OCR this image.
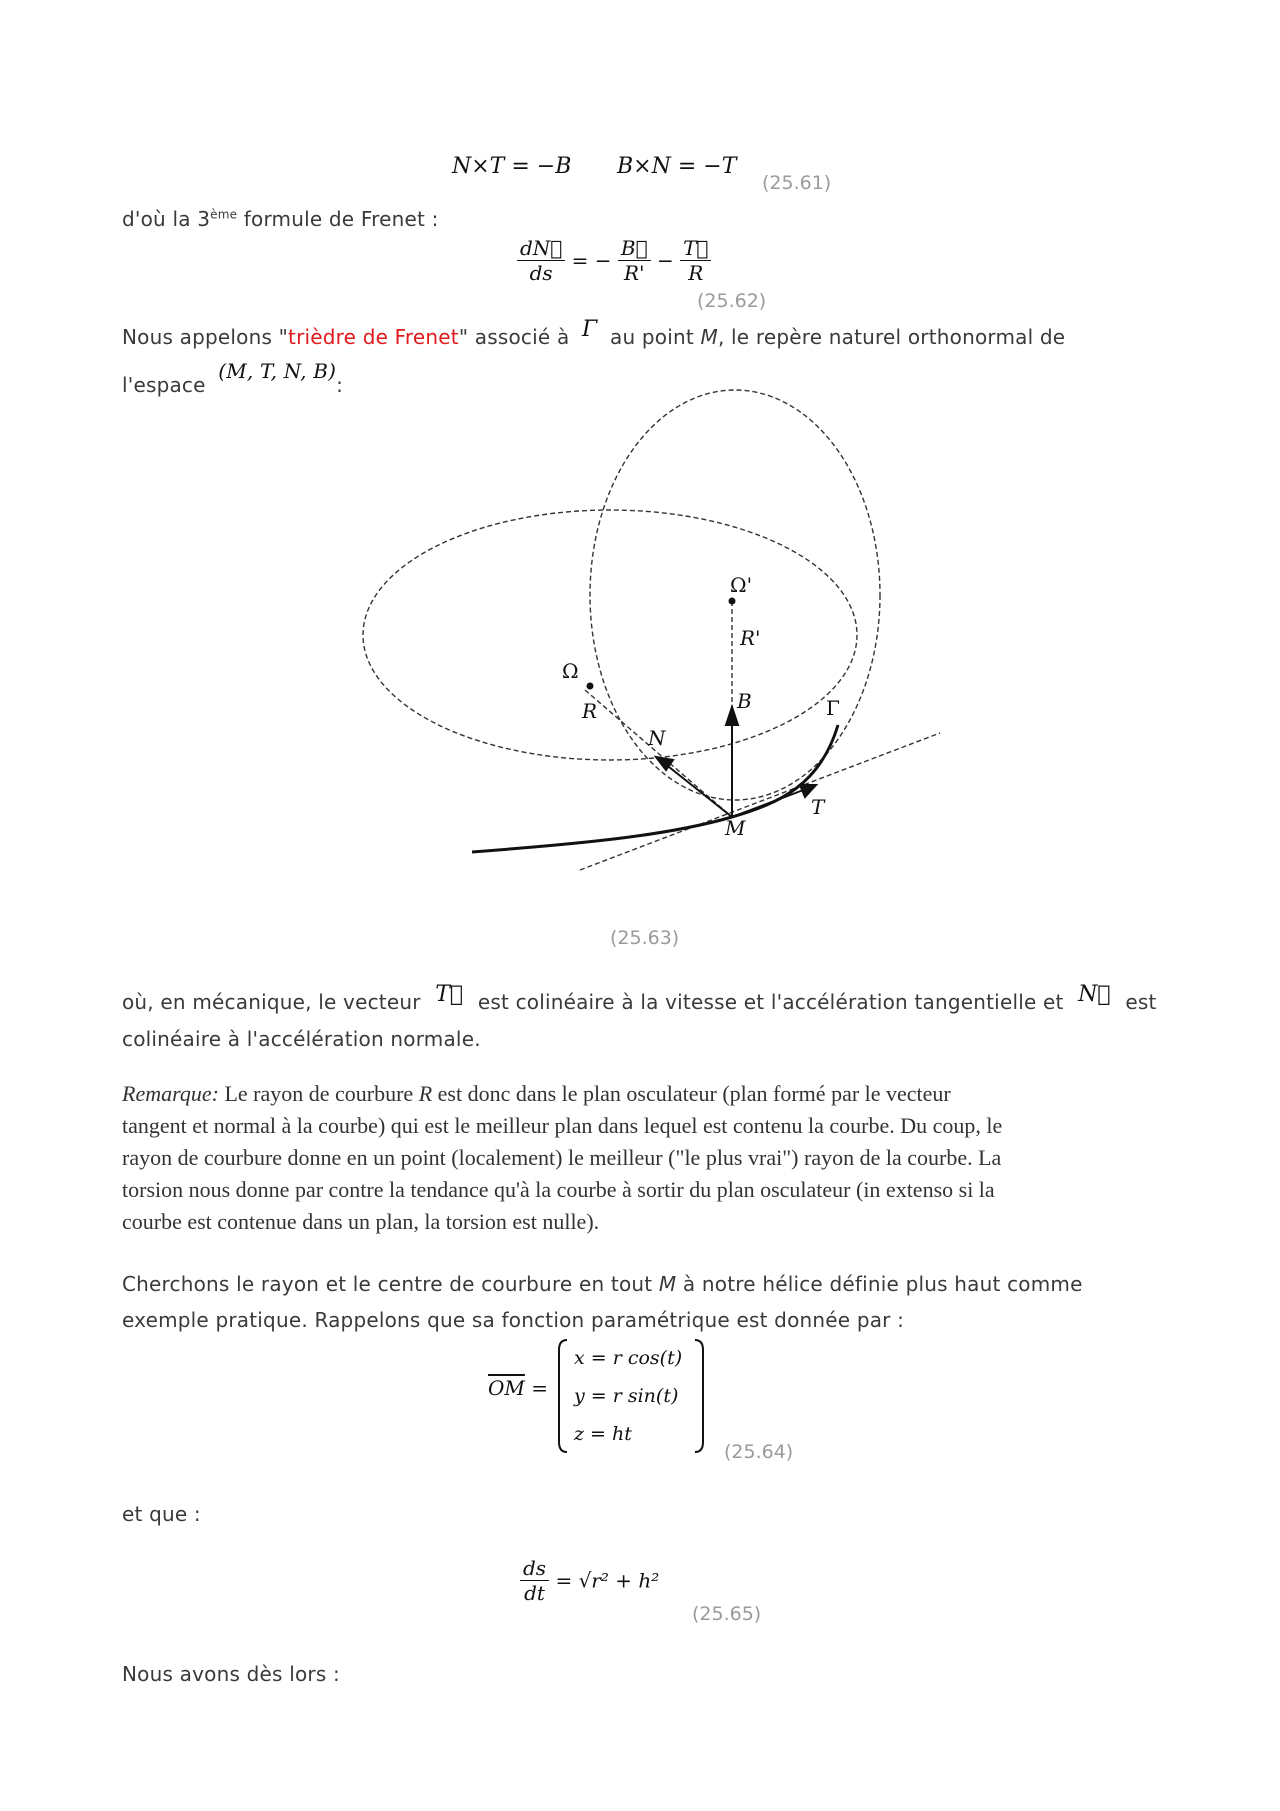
N×T = −B B×N = −T
(25.61)
d'où la 3ème formule de Frenet :
$\frac{dN⃗}{ds}$ = − $\frac{B⃗}{R'} - \frac{T⃗}{R}$
(25.62)
Nous appelons "trièdre de Frenet" associé à Γ au point M, le repère naturel orthonormal de
l'espace (M, T, N, B):
Ω'
R'
Ω
R	B
N
Γ
T
M
(25.63)
où, en mécanique, le vecteur T⃗ est colinéaire à la vitesse et l'accélération tangentielle et N⃗ est
colinéaire à l'accélération normale.
Remarque: Le rayon de courbure R est donc dans le plan osculateur (plan formé par le vecteur
tangent et normal à la courbe) qui est le meilleur plan dans lequel est contenu la courbe. Du coup, le
rayon de courbure donne en un point (localement) le meilleur ("le plus vrai") rayon de la courbe. La
torsion nous donne par contre la tendance qu'à la courbe à sortir du plan osculateur (in extenso si la
courbe est contenue dans un plan, la torsion est nulle).
Cherchons le rayon et le centre de courbure en tout M à notre hélice définie plus haut comme
exemple pratique. Rappelons que sa fonction paramétrique est donnée par :
$\overline{OM}$ =
x = r cos(t)
y = r sin(t)
z = ht
(25.64)
et que :
$\frac{ds}{dt} = √r^2 + h^2$
(25.65)
Nous avons dès lors :
